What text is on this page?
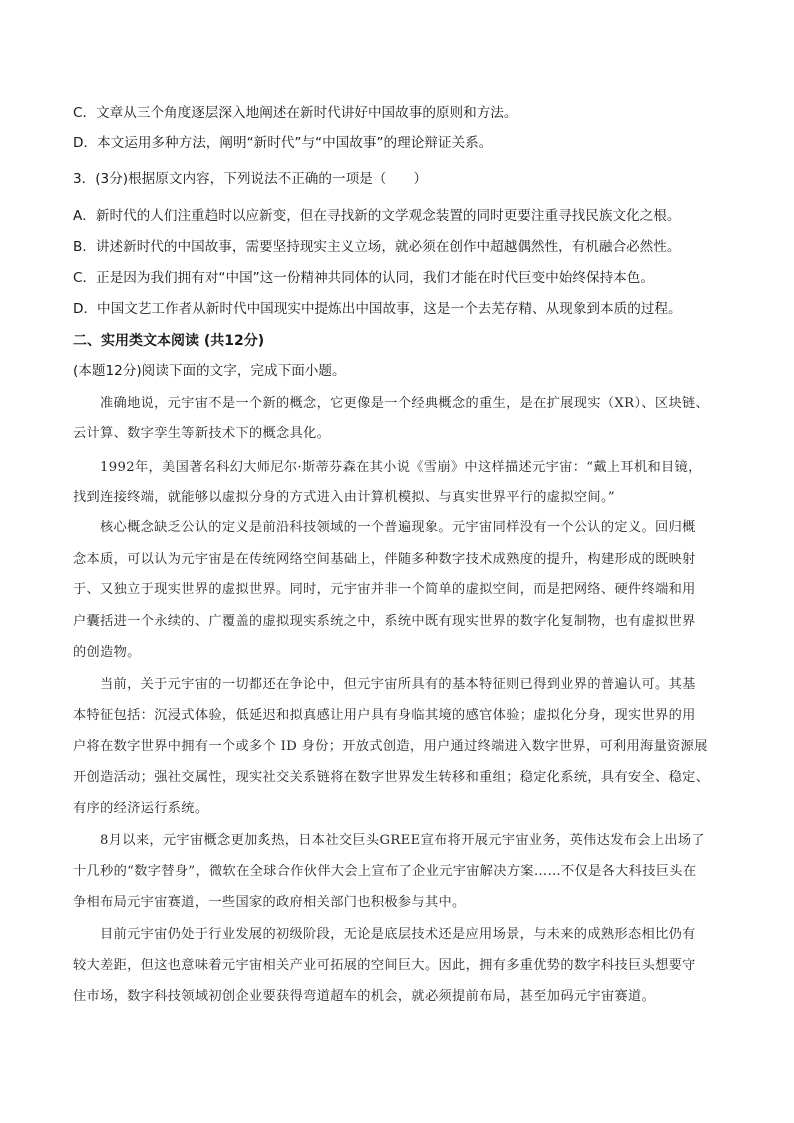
C．文章从三个角度逐层深入地阐述在新时代讲好中国故事的原则和方法。
D．本文运用多种方法，阐明“新时代”与“中国故事”的理论辩证关系。
3．(3分)根据原文内容，下列说法不正确的一项是（　　）
A．新时代的人们注重趋时以应新变，但在寻找新的文学观念装置的同时更要注重寻找民族文化之根。
B．讲述新时代的中国故事，需要坚持现实主义立场，就必须在创作中超越偶然性，有机融合必然性。
C．正是因为我们拥有对“中国”这一份精神共同体的认同，我们才能在时代巨变中始终保持本色。
D．中国文艺工作者从新时代中国现实中提炼出中国故事，这是一个去芜存精、从现象到本质的过程。
二、实用类文本阅读 (共12分)
(本题12分)阅读下面的文字，完成下面小题。
准确地说，元宇宙不是一个新的概念，它更像是一个经典概念的重生，是在扩展现实（XR）、区块链、
云计算、数字孪生等新技术下的概念具化。
1992年，美国著名科幻大师尼尔·斯蒂芬森在其小说《雪崩》中这样描述元宇宙：“戴上耳机和目镜，
找到连接终端，就能够以虚拟分身的方式进入由计算机模拟、与真实世界平行的虚拟空间。”
核心概念缺乏公认的定义是前沿科技领域的一个普遍现象。元宇宙同样没有一个公认的定义。回归概
念本质，可以认为元宇宙是在传统网络空间基础上，伴随多种数字技术成熟度的提升，构建形成的既映射
于、又独立于现实世界的虚拟世界。同时，元宇宙并非一个简单的虚拟空间，而是把网络、硬件终端和用
户囊括进一个永续的、广覆盖的虚拟现实系统之中，系统中既有现实世界的数字化复制物，也有虚拟世界
的创造物。
当前，关于元宇宙的一切都还在争论中，但元宇宙所具有的基本特征则已得到业界的普遍认可。其基
本特征包括：沉浸式体验，低延迟和拟真感让用户具有身临其境的感官体验；虚拟化分身，现实世界的用
户将在数字世界中拥有一个或多个 ID 身份；开放式创造，用户通过终端进入数字世界，可利用海量资源展
开创造活动；强社交属性，现实社交关系链将在数字世界发生转移和重组；稳定化系统，具有安全、稳定、
有序的经济运行系统。
8月以来，元宇宙概念更加炙热，日本社交巨头GREE宣布将开展元宇宙业务，英伟达发布会上出场了
十几秒的“数字替身”，微软在全球合作伙伴大会上宣布了企业元宇宙解决方案……不仅是各大科技巨头在
争相布局元宇宙赛道，一些国家的政府相关部门也积极参与其中。
目前元宇宙仍处于行业发展的初级阶段，无论是底层技术还是应用场景，与未来的成熟形态相比仍有
较大差距，但这也意味着元宇宙相关产业可拓展的空间巨大。因此，拥有多重优势的数字科技巨头想要守
住市场，数字科技领域初创企业要获得弯道超车的机会，就必须提前布局，甚至加码元宇宙赛道。
